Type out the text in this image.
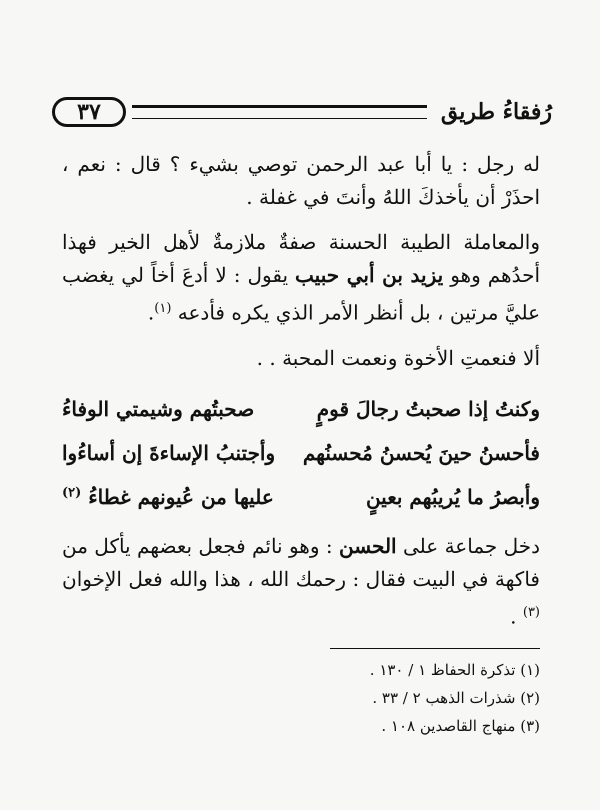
رُفقاءُ طريق
٣٧

له رجل : يا أبا عبد الرحمن توصي بشيء ؟ قال : نعم ، احذَرْ أن يأخذكَ اللهُ وأنتَ في غفلة .

والمعاملة الطيبة الحسنة صفةٌ ملازمةٌ لأهل الخير فهذا أحدُهم وهو يزيد بن أبي حبيب يقول : لا أدعَ أخاً لي يغضب عليَّ مرتين ، بل أنظر الأمر الذي يكره فأدعه $^{(١)}$.

ألا فنعمتِ الأخوة ونعمت المحبة . .

وكنتُ إذا صحبتُ رجالَ قومٍ
صحبتُهم وشيمتي الوفاءُ
فأحسنُ حينَ يُحسنُ مُحسنُهم
وأجتنبُ الإساءةَ إن أساءُوا
وأبصرُ ما يُريبُهم بعينٍ
عليها من عُيونهم غطاءُ $^{(٢)}$
دخل جماعة على الحسن : وهو نائم فجعل بعضهم يأكل من فاكهة في البيت فقال : رحمك الله ، هذا والله فعل الإخوان $^{(٣)}$ .
(١) تذكرة الحفاظ ١ / ١٣٠ .
(٢) شذرات الذهب ٢ / ٣٣ .
(٣) منهاج القاصدين ١٠٨ .
